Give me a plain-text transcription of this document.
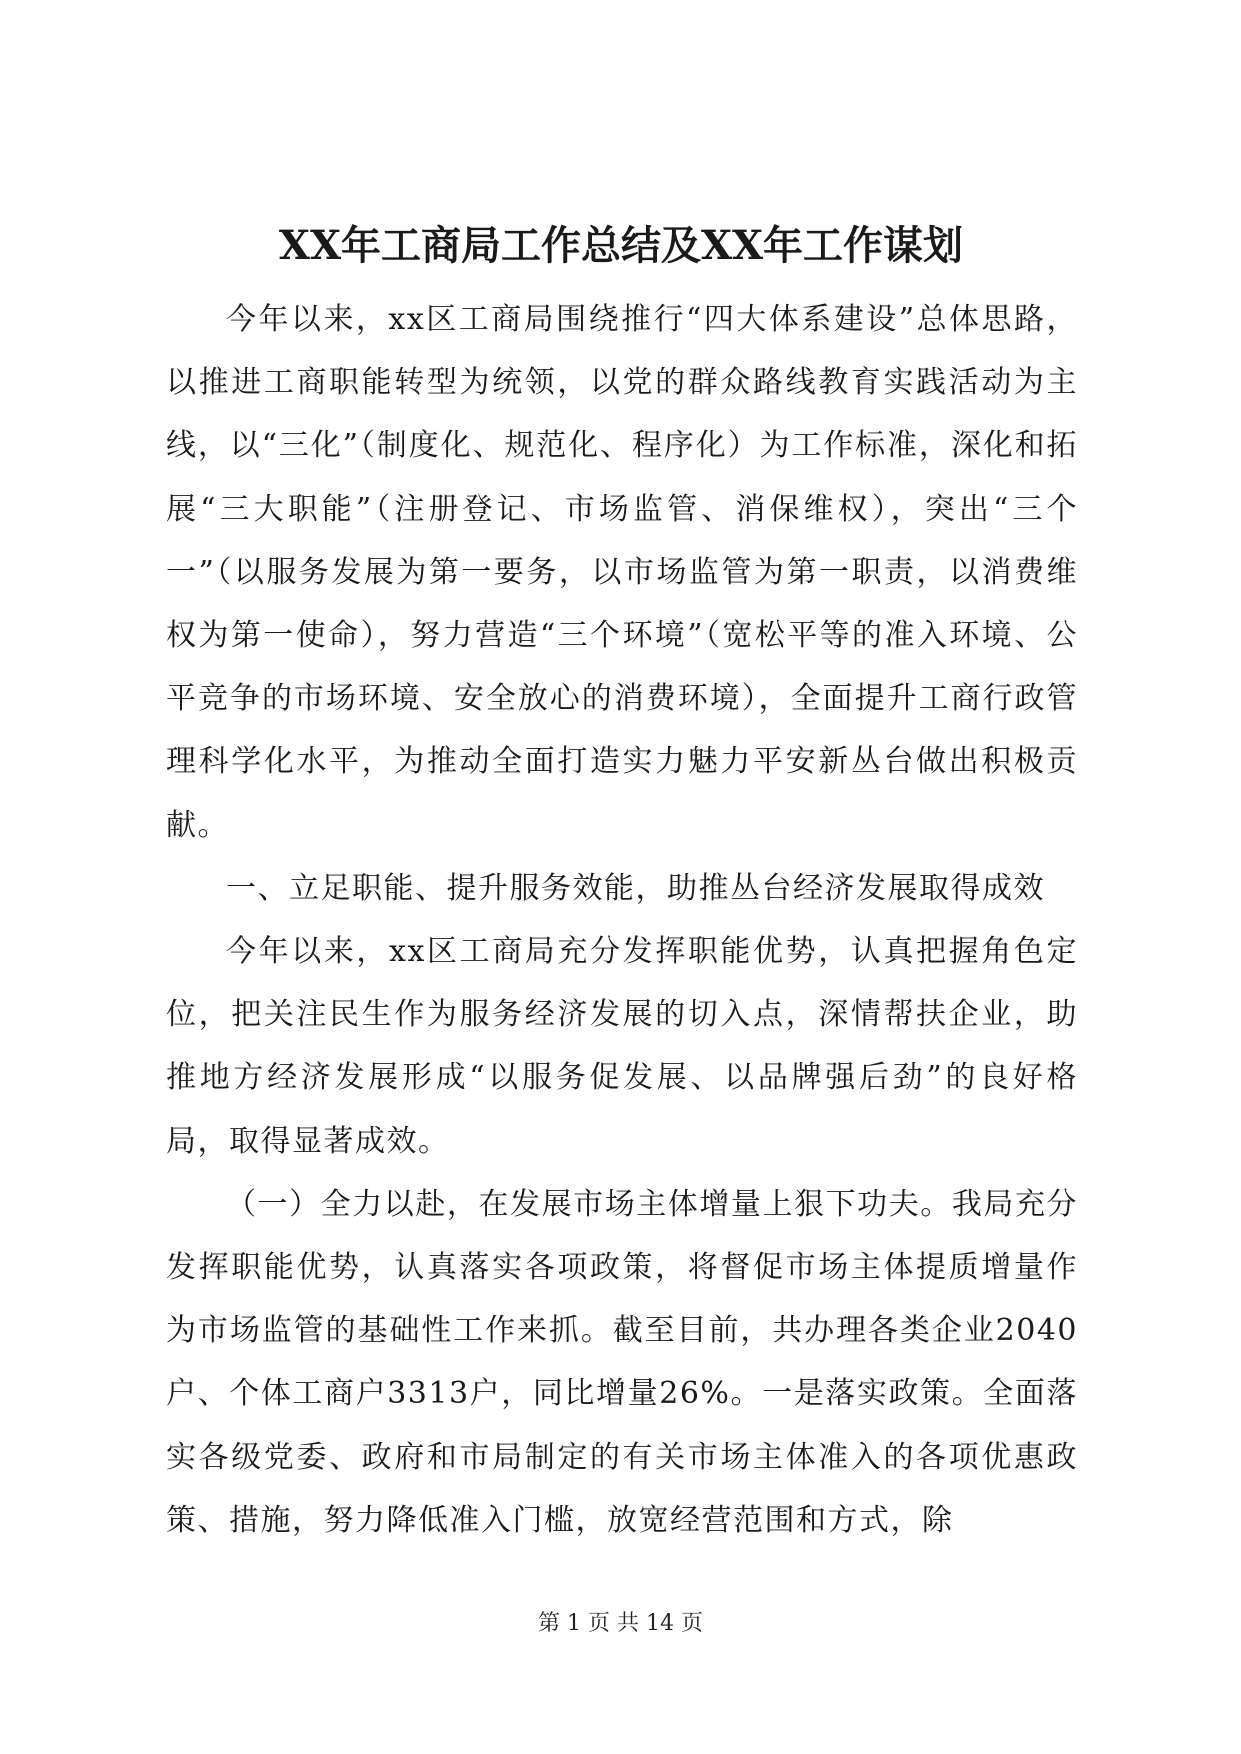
XX年工商局工作总结及XX年工作谋划

今年以来，xx区工商局围绕推行“四大体系建设”总体思路，以推进工商职能转型为统领，以党的群众路线教育实践活动为主线，以“三化”（制度化、规范化、程序化）为工作标准，深化和拓展“三大职能”（注册登记、市场监管、消保维权），突出“三个一”（以服务发展为第一要务，以市场监管为第一职责，以消费维权为第一使命），努力营造“三个环境”（宽松平等的准入环境、公平竞争的市场环境、安全放心的消费环境），全面提升工商行政管理科学化水平，为推动全面打造实力魅力平安新丛台做出积极贡献。

一、立足职能、提升服务效能，助推丛台经济发展取得成效

今年以来，xx区工商局充分发挥职能优势，认真把握角色定位，把关注民生作为服务经济发展的切入点，深情帮扶企业，助推地方经济发展形成“以服务促发展、以品牌强后劲”的良好格局，取得显著成效。

（一）全力以赴，在发展市场主体增量上狠下功夫。我局充分发挥职能优势，认真落实各项政策，将督促市场主体提质增量作为市场监管的基础性工作来抓。截至目前，共办理各类企业2040户、个体工商户3313户，同比增量26%。一是落实政策。全面落实各级党委、政府和市局制定的有关市场主体准入的各项优惠政策、措施，努力降低准入门槛，放宽经营范围和方式，除

第 1 页 共 14 页
